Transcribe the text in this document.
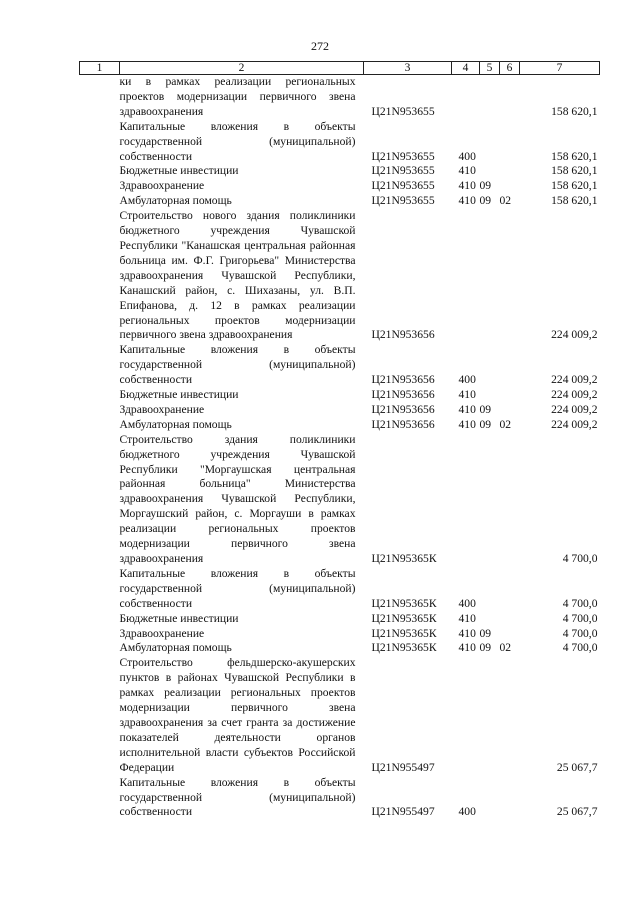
272
1	2	3	4	5	6	7
ки в рамках реализации региональных проектов модернизации первичного звена здравоохранения		Ц21N953655				158 620,1
Капитальные вложения в объекты государственной (муниципальной) собственности		Ц21N953655	400			158 620,1
Бюджетные инвестиции		Ц21N953655	410			158 620,1
Здравоохранение		Ц21N953655	410	09		158 620,1
Амбулаторная помощь		Ц21N953655	410	09	02	158 620,1
Строительство нового здания поликлиники бюджетного учреждения Чувашской Республики "Канашская центральная районная больница им. Ф.Г. Григорьева" Министерства здравоохранения Чувашской Республики, Канашский район, с. Шихазаны, ул. В.П. Епифанова, д. 12 в рамках реализации региональных проектов модернизации первичного звена здравоохранения		Ц21N953656				224 009,2
Капитальные вложения в объекты государственной (муниципальной) собственности		Ц21N953656	400			224 009,2
Бюджетные инвестиции		Ц21N953656	410			224 009,2
Здравоохранение		Ц21N953656	410	09		224 009,2
Амбулаторная помощь		Ц21N953656	410	09	02	224 009,2
Строительство здания поликлиники бюджетного учреждения Чувашской Республики "Моргаушская центральная районная больница" Министерства здравоохранения Чувашской Республики, Моргаушский район, с. Моргауши в рамках реализации региональных проектов модернизации первичного звена здравоохранения		Ц21N95365К				4 700,0
Капитальные вложения в объекты государственной (муниципальной) собственности		Ц21N95365К	400			4 700,0
Бюджетные инвестиции		Ц21N95365К	410			4 700,0
Здравоохранение		Ц21N95365К	410	09		4 700,0
Амбулаторная помощь		Ц21N95365К	410	09	02	4 700,0
Строительство фельдшерско-акушерских пунктов в районах Чувашской Республики в рамках реализации региональных проектов модернизации первичного звена здравоохранения за счет гранта за достижение показателей деятельности органов исполнительной власти субъектов Российской Федерации		Ц21N955497				25 067,7
Капитальные вложения в объекты государственной (муниципальной) собственности		Ц21N955497	400			25 067,7
